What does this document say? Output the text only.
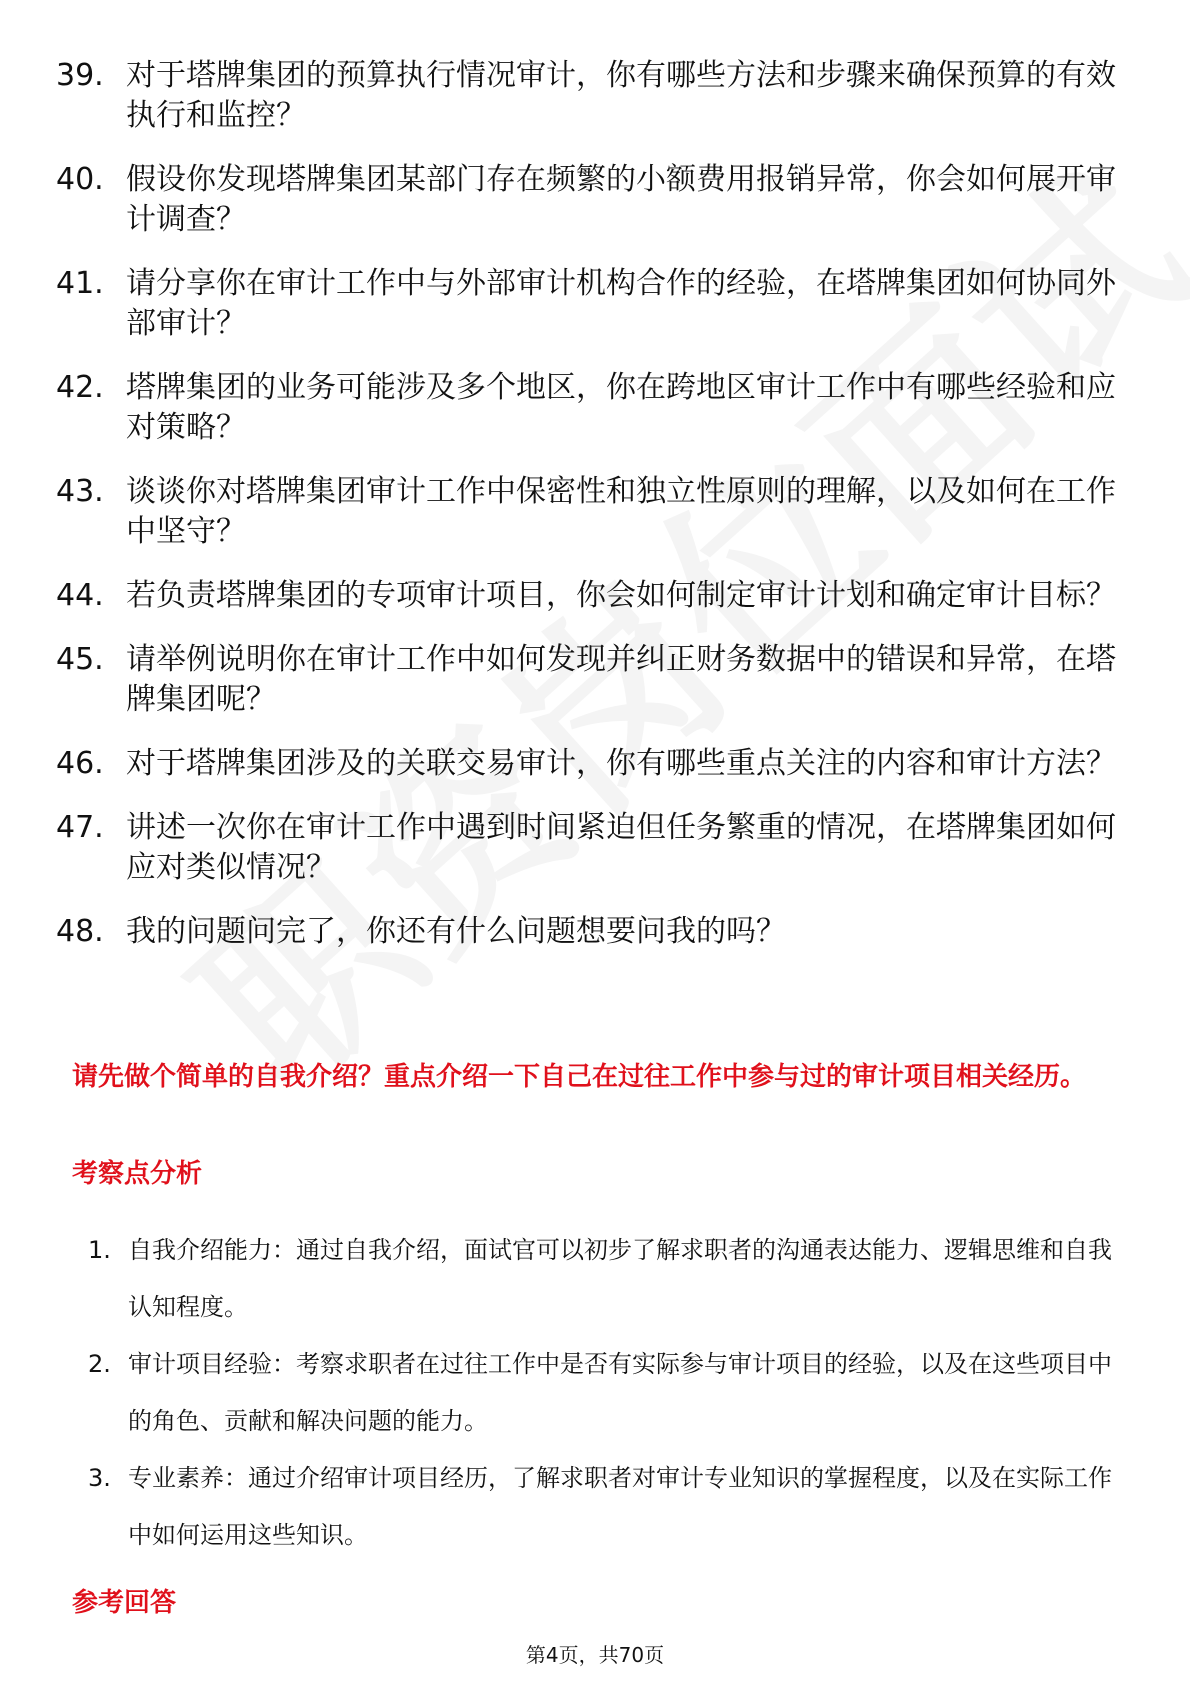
39. 对于塔牌集团的预算执行情况审计，你有哪些方法和步骤来确保预算的有效执行和监控？
40. 假设你发现塔牌集团某部门存在频繁的小额费用报销异常，你会如何展开审计调查？
41. 请分享你在审计工作中与外部审计机构合作的经验，在塔牌集团如何协同外部审计？
42. 塔牌集团的业务可能涉及多个地区，你在跨地区审计工作中有哪些经验和应对策略？
43. 谈谈你对塔牌集团审计工作中保密性和独立性原则的理解，以及如何在工作中坚守？
44. 若负责塔牌集团的专项审计项目，你会如何制定审计计划和确定审计目标？
45. 请举例说明你在审计工作中如何发现并纠正财务数据中的错误和异常，在塔牌集团呢？
46. 对于塔牌集团涉及的关联交易审计，你有哪些重点关注的内容和审计方法？
47. 讲述一次你在审计工作中遇到时间紧迫但任务繁重的情况，在塔牌集团如何应对类似情况？
48. 我的问题问完了，你还有什么问题想要问我的吗？
请先做个简单的自我介绍？重点介绍一下自己在过往工作中参与过的审计项目相关经历。
考察点分析
1. 自我介绍能力：通过自我介绍，面试官可以初步了解求职者的沟通表达能力、逻辑思维和自我认知程度。
2. 审计项目经验：考察求职者在过往工作中是否有实际参与审计项目的经验，以及在这些项目中的角色、贡献和解决问题的能力。
3. 专业素养：通过介绍审计项目经历，了解求职者对审计专业知识的掌握程度，以及在实际工作中如何运用这些知识。
参考回答
第4页，共70页
